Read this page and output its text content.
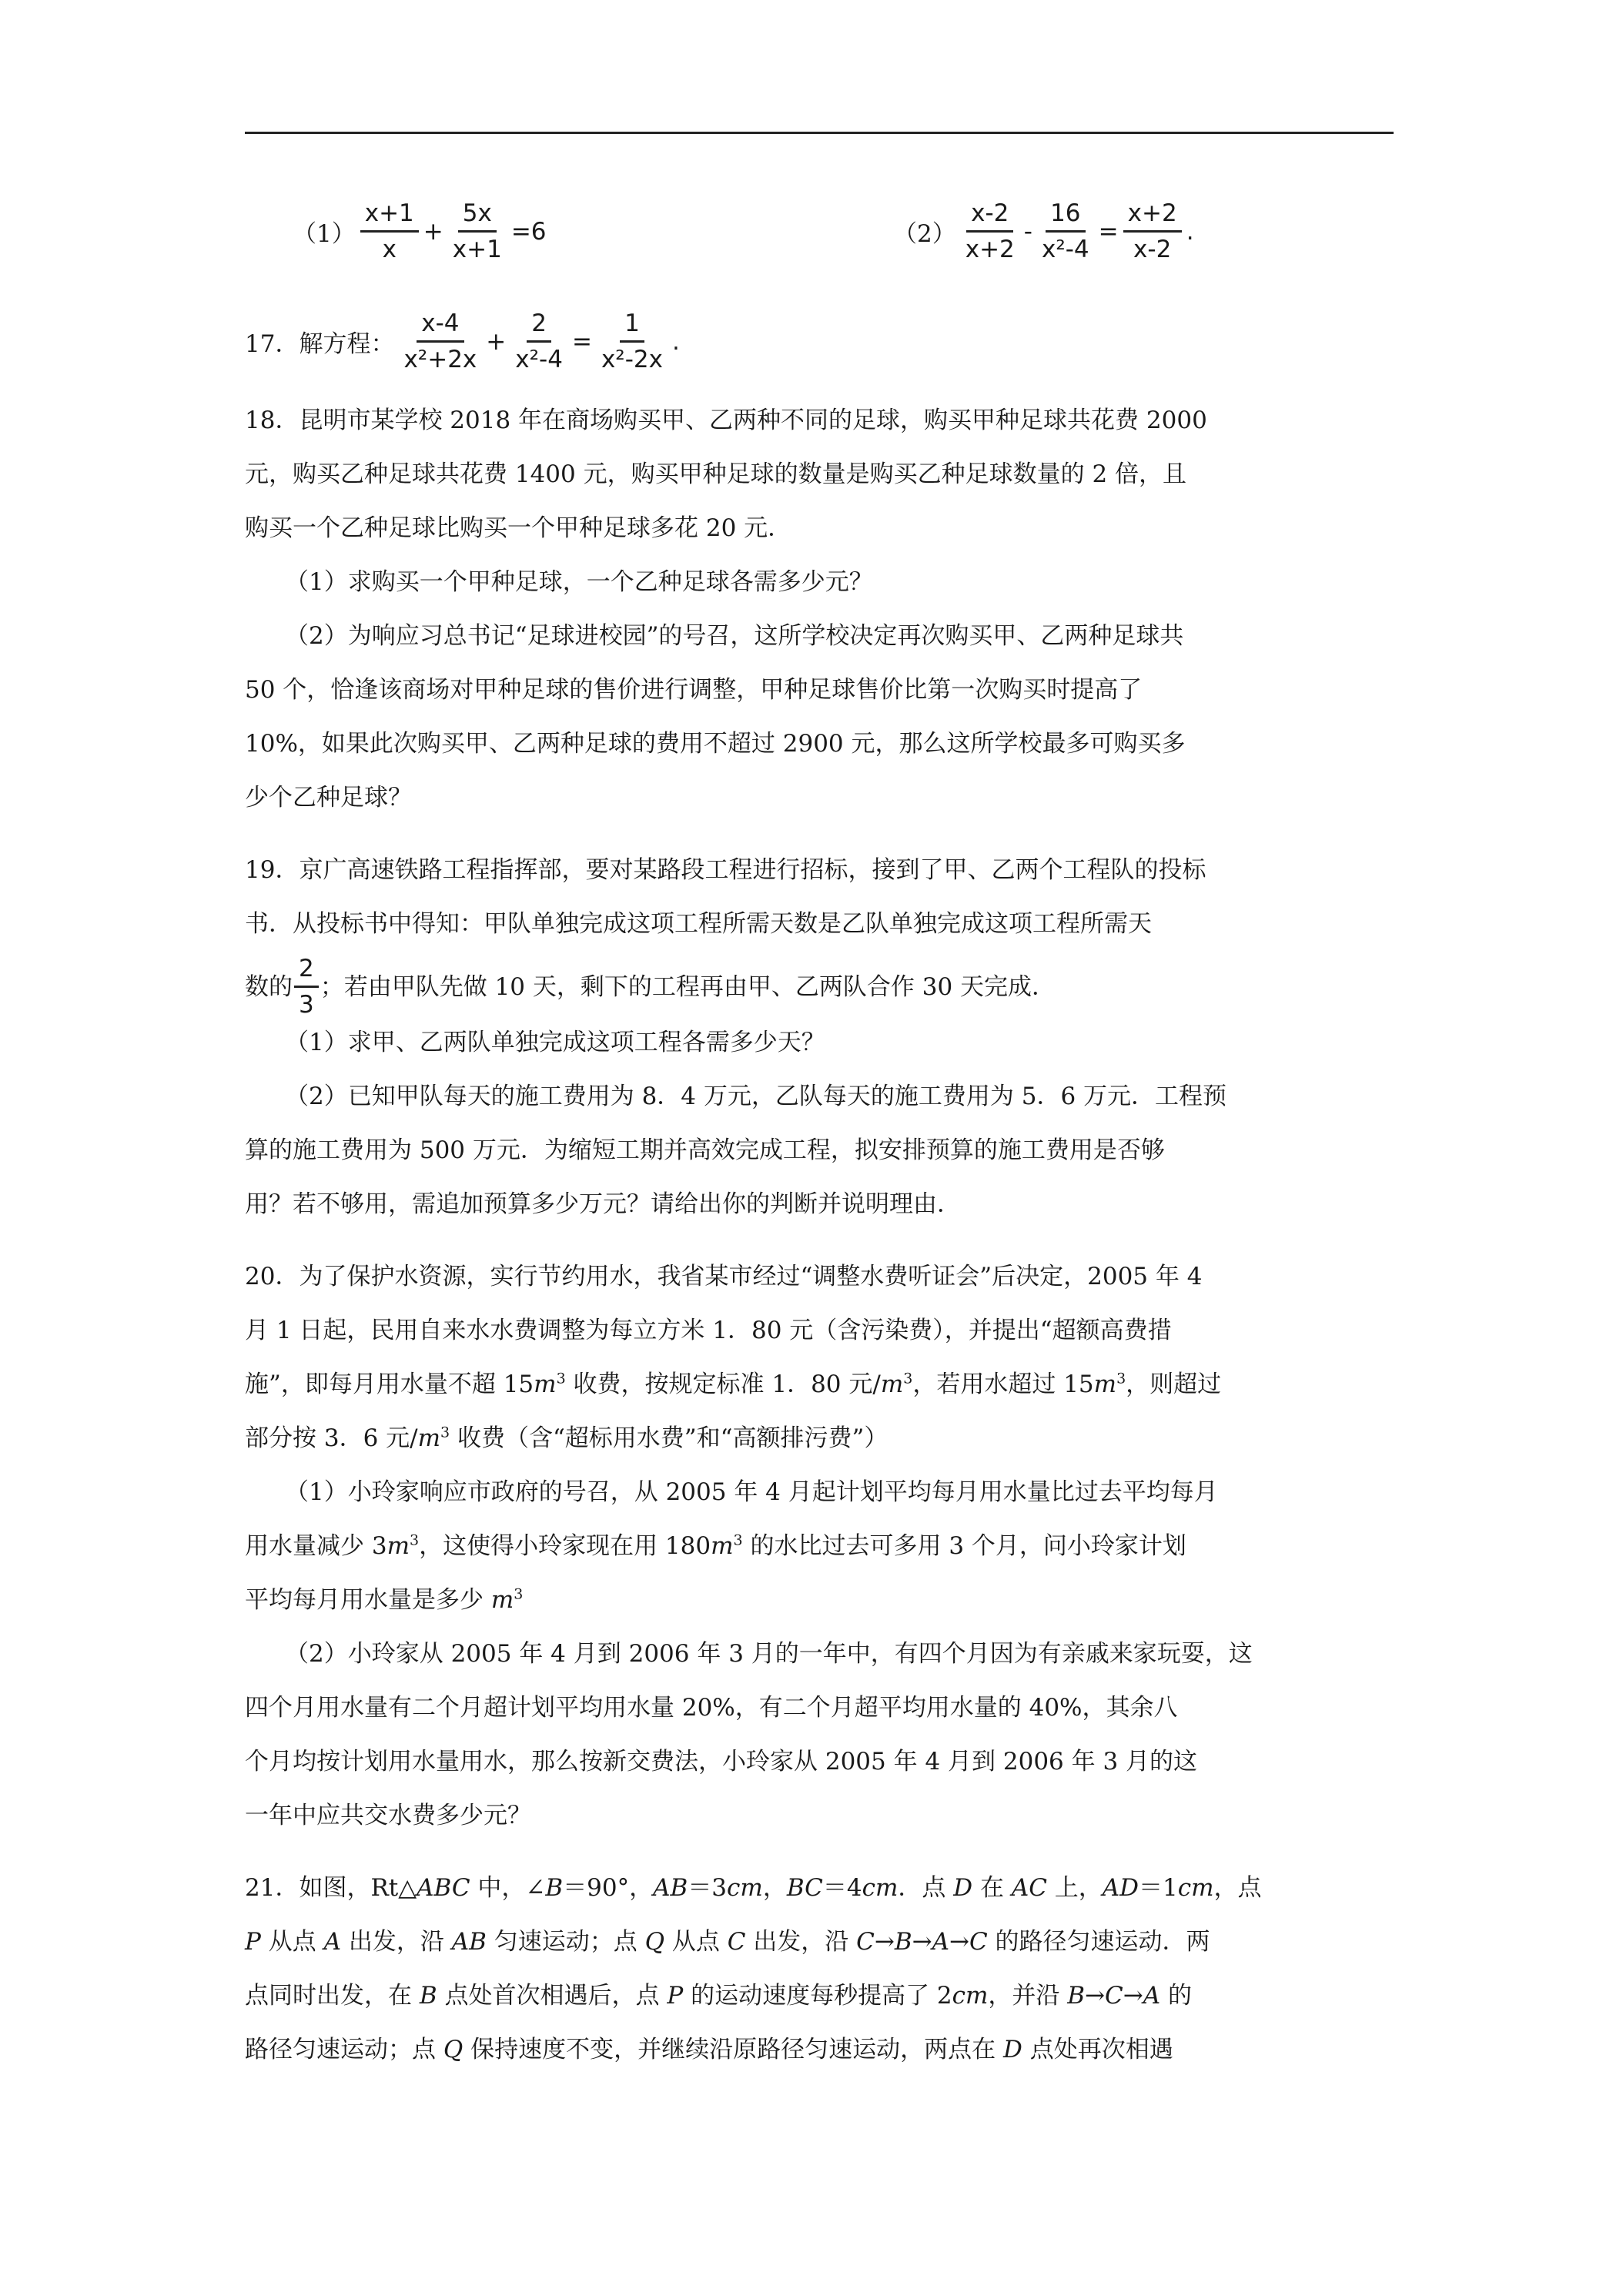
$(1) \frac{x+1}{x} + \frac{5x}{x+1} =6$	$(2) \frac{x-2}{x+2} - \frac{16}{\text{x²-4}} = \frac{x+2}{x-2}$ .
17．解方程： $\frac{x-4}{\text{x²+2x}} + \frac{2}{\text{x²-4}} = \frac{1}{\text{x²-2x}}$ .
18．昆明市某学校 2018 年在商场购买甲、乙两种不同的足球，购买甲种足球共花费 2000
元，购买乙种足球共花费 1400 元，购买甲种足球的数量是购买乙种足球数量的 2 倍，且
购买一个乙种足球比购买一个甲种足球多花 20 元．
（1）求购买一个甲种足球，一个乙种足球各需多少元？
（2）为响应习总书记“足球进校园”的号召，这所学校决定再次购买甲、乙两种足球共
50 个，恰逢该商场对甲种足球的售价进行调整，甲种足球售价比第一次购买时提高了
10%，如果此次购买甲、乙两种足球的费用不超过 2900 元，那么这所学校最多可购买多
少个乙种足球？
19．京广高速铁路工程指挥部，要对某路段工程进行招标，接到了甲、乙两个工程队的投标
书．从投标书中得知：甲队单独完成这项工程所需天数是乙队单独完成这项工程所需天
数的 $\frac{2}{3}$ ；若由甲队先做 10 天，剩下的工程再由甲、乙两队合作 30 天完成．
（1）求甲、乙两队单独完成这项工程各需多少天？
（2）已知甲队每天的施工费用为 8．4 万元，乙队每天的施工费用为 5．6 万元．工程预
算的施工费用为 500 万元．为缩短工期并高效完成工程，拟安排预算的施工费用是否够
用？若不够用，需追加预算多少万元？请给出你的判断并说明理由．
20．为了保护水资源，实行节约用水，我省某市经过“调整水费听证会”后决定，2005 年 4
月 1 日起，民用自来水水费调整为每立方米 1．80 元（含污染费），并提出“超额高费措
施”，即每月用水量不超 $15m^3$ 收费，按规定标准 1．80 元$/m^3$，若用水超过 $15m^3$，则超过
部分按 3．6 元$/m^3$ 收费（含“超标用水费”和“高额排污费”）
（1）小玲家响应市政府的号召，从 2005 年 4 月起计划平均每月用水量比过去平均每月
用水量减少 $3m^3$，这使得小玲家现在用 $180m^3$ 的水比过去可多用 3 个月，问小玲家计划
平均每月用水量是多少 $m^3$
（2）小玲家从 2005 年 4 月到 2006 年 3 月的一年中，有四个月因为有亲戚来家玩耍，这
四个月用水量有二个月超计划平均用水量 20%，有二个月超平均用水量的 40%，其余八
个月均按计划用水量用水，那么按新交费法，小玲家从 2005 年 4 月到 2006 年 3 月的这
一年中应共交水费多少元？
21．如图，Rt△ABC 中，∠B＝90°，AB＝3cm，BC＝4cm．点 D 在 AC 上，AD＝1cm，点
P 从点 A 出发，沿 AB 匀速运动；点 Q 从点 C 出发，沿 C→B→A→C 的路径匀速运动．两
点同时出发，在 B 点处首次相遇后，点 P 的运动速度每秒提高了 2cm，并沿 B→C→A 的
路径匀速运动；点 Q 保持速度不变，并继续沿原路径匀速运动，两点在 D 点处再次相遇
